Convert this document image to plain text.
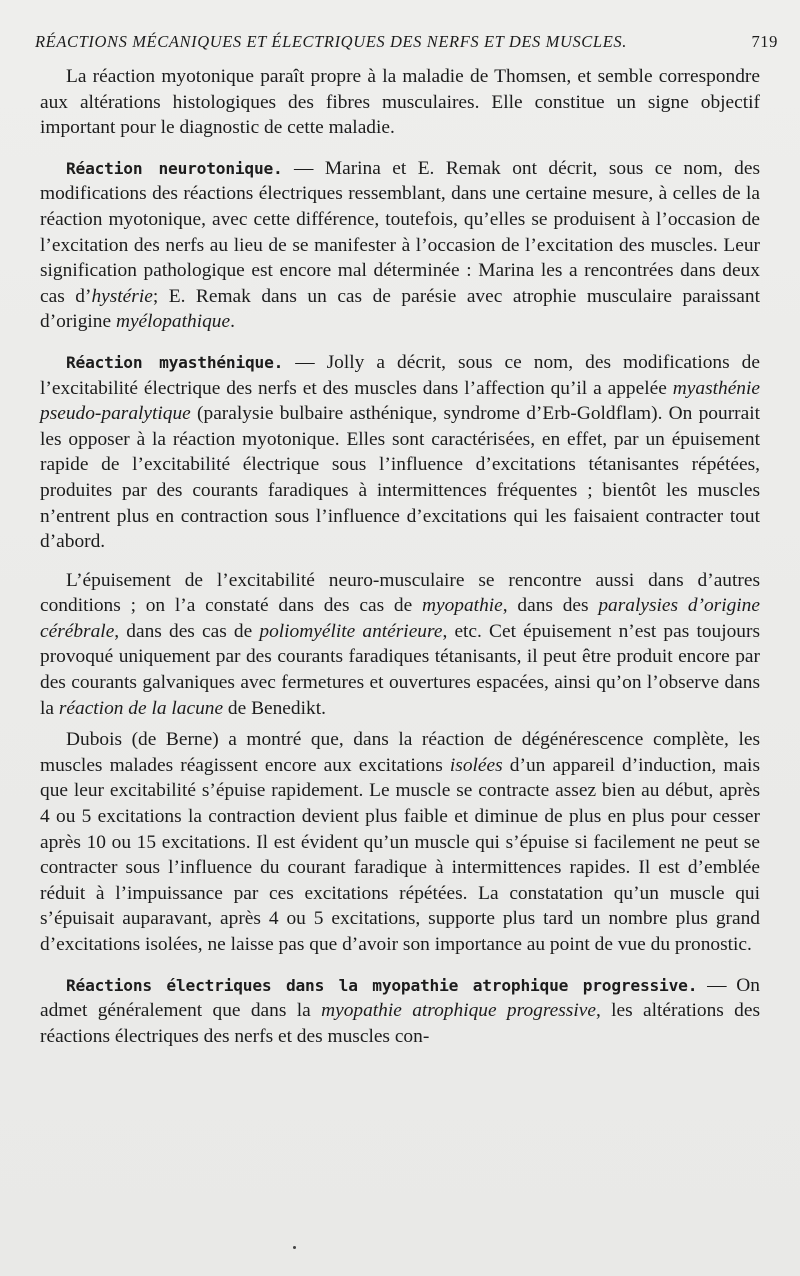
RÉACTIONS MÉCANIQUES ET ÉLECTRIQUES DES NERFS ET DES MUSCLES.	719

La réaction myotonique paraît propre à la maladie de Thomsen, et semble correspondre aux altérations histologiques des fibres musculaires. Elle constitue un signe objectif important pour le diagnostic de cette maladie.

Réaction neurotonique. — Marina et E. Remak ont décrit, sous ce nom, des modifications des réactions électriques ressemblant, dans une certaine mesure, à celles de la réaction myotonique, avec cette différence, toutefois, qu’elles se produisent à l’occasion de l’excitation des nerfs au lieu de se manifester à l’occasion de l’excitation des muscles. Leur signification pathologique est encore mal déterminée : Marina les a rencontrées dans deux cas d’hystérie; E. Remak dans un cas de parésie avec atrophie musculaire paraissant d’origine myélopathique.

Réaction myasthénique. — Jolly a décrit, sous ce nom, des modifications de l’excitabilité électrique des nerfs et des muscles dans l’affection qu’il a appelée myasthénie pseudo-paralytique (paralysie bulbaire asthénique, syndrome d’Erb-Goldflam). On pourrait les opposer à la réaction myotonique. Elles sont caractérisées, en effet, par un épuisement rapide de l’excitabilité électrique sous l’influence d’excitations tétanisantes répétées, produites par des courants faradiques à intermittences fréquentes ; bientôt les muscles n’entrent plus en contraction sous l’influence d’excitations qui les faisaient contracter tout d’abord.

L’épuisement de l’excitabilité neuro-musculaire se rencontre aussi dans d’autres conditions ; on l’a constaté dans des cas de myopathie, dans des paralysies d’origine cérébrale, dans des cas de poliomyélite antérieure, etc. Cet épuisement n’est pas toujours provoqué uniquement par des courants faradiques tétanisants, il peut être produit encore par des courants galvaniques avec fermetures et ouvertures espacées, ainsi qu’on l’observe dans la réaction de la lacune de Benedikt.

Dubois (de Berne) a montré que, dans la réaction de dégénérescence complète, les muscles malades réagissent encore aux excitations isolées d’un appareil d’induction, mais que leur excitabilité s’épuise rapidement. Le muscle se contracte assez bien au début, après 4 ou 5 excitations la contraction devient plus faible et diminue de plus en plus pour cesser après 10 ou 15 excitations. Il est évident qu’un muscle qui s’épuise si facilement ne peut se contracter sous l’influence du courant faradique à intermittences rapides. Il est d’emblée réduit à l’impuissance par ces excitations répétées. La constatation qu’un muscle qui s’épuisait auparavant, après 4 ou 5 excitations, supporte plus tard un nombre plus grand d’excitations isolées, ne laisse pas que d’avoir son importance au point de vue du pronostic.

Réactions électriques dans la myopathie atrophique progressive. — On admet généralement que dans la myopathie atrophique progressive, les altérations des réactions électriques des nerfs et des muscles con-
